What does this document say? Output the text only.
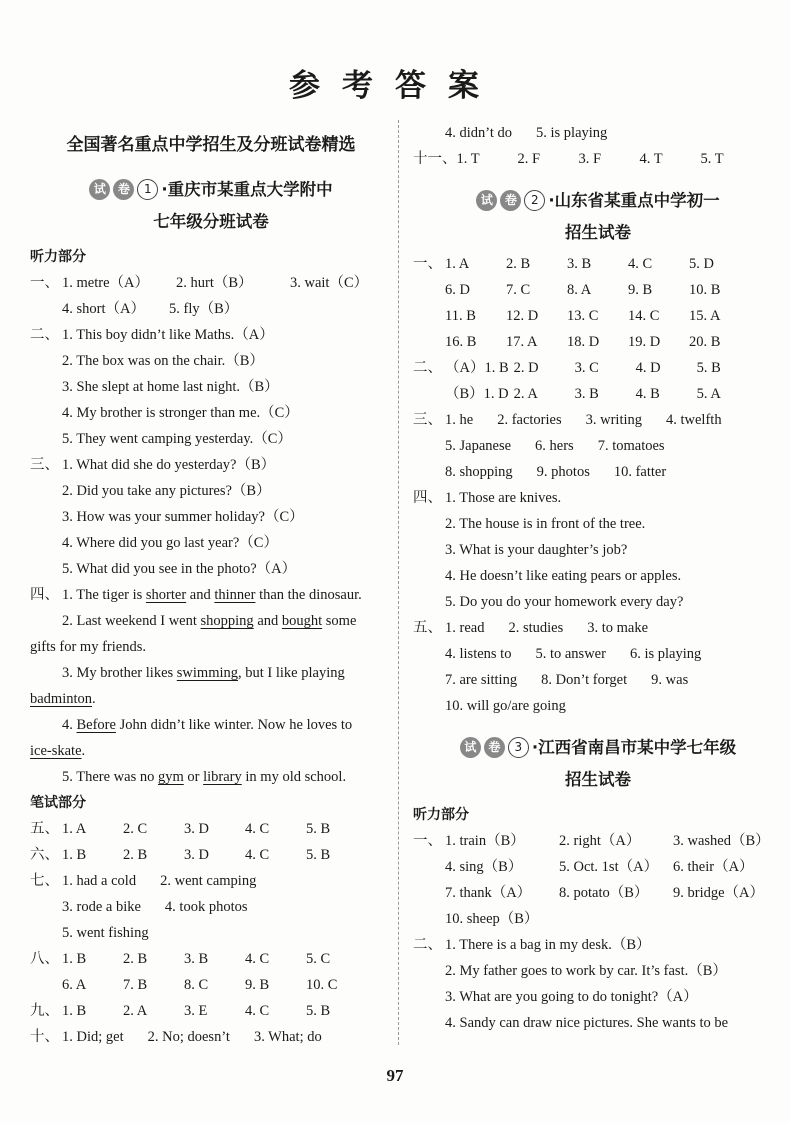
参考答案
全国著名重点中学招生及分班试卷精选
试 卷 1 ·重庆市某重点大学附中
七年级分班试卷
听力部分
一、 1. metre（A） 2. hurt（B）	3. wait（C）
4. short（A） 5. fly（B）
二、 1. This boy didn’t like Maths.（A）
2. The box was on the chair.（B）
3. She slept at home last night.（B）
4. My brother is stronger than me.（C）
5. They went camping yesterday.（C）
三、 1. What did she do yesterday?（B）
2. Did you take any pictures?（B）
3. How was your summer holiday?（C）
4. Where did you go last year?（C）
5. What did you see in the photo?（A）
四、 1. The tiger is shorter and thinner than the dinosaur.
2. Last weekend I went shopping and bought some
gifts for my friends.
3. My brother likes swimming, but I like playing
badminton.
4. Before John didn’t like winter. Now he loves to
ice-skate.
5. There was no gym or library in my old school.
笔试部分
五、 1. A	2. C	3. D 4. C	5. B
六、 1. B	2. B	3. D 4. C	5. B
七、 1. had a cold 2. went camping
3. rode a bike 4. took photos
5. went fishing
八、 1. B	2. B	3. B	4. C	5. C
6. A	7. B	8. C	9. B	10. C
九、 1. B	2. A	3. E	4. C	5. B
十、 1. Did; get 2. No; doesn’t 3. What; do
4. didn’t do 5. is playing
十一、1. T	2. F	3. F	4. T	5. T
试 卷 2 ·山东省某重点中学初一
招生试卷
一、 1. A	2. B	3. B	4. C	5. D
6. D 7. C	8. A	9. B	10. B
11. B 12. D 13. C 14. C 15. A
16. B 17. A 18. D 19. D 20. B
二、 （A）1. B 2. D 3. C	4. D 5. B
（B）1. D 2. A	3. B	4. B	5. A
三、 1. he 2. factories 3. writing 4. twelfth
5. Japanese 6. hers 7. tomatoes
8. shopping 9. photos 10. fatter
四、 1. Those are knives.
2. The house is in front of the tree.
3. What is your daughter’s job?
4. He doesn’t like eating pears or apples.
5. Do you do your homework every day?
五、 1. read 2. studies 3. to make
4. listens to 5. to answer 6. is playing
7. are sitting 8. Don’t forget 9. was
10. will go/are going
试 卷 3 ·江西省南昌市某中学七年级
招生试卷
听力部分
一、 1. train（B） 2. right（A） 3. washed（B）
4. sing（B）	5. Oct. 1st（A） 6. their（A）
7. thank（A） 8. potato（B） 9. bridge（A）
10. sheep（B）
二、 1. There is a bag in my desk.（B）
2. My father goes to work by car. It’s fast.（B）
3. What are you going to do tonight?（A）
4. Sandy can draw nice pictures. She wants to be
97
